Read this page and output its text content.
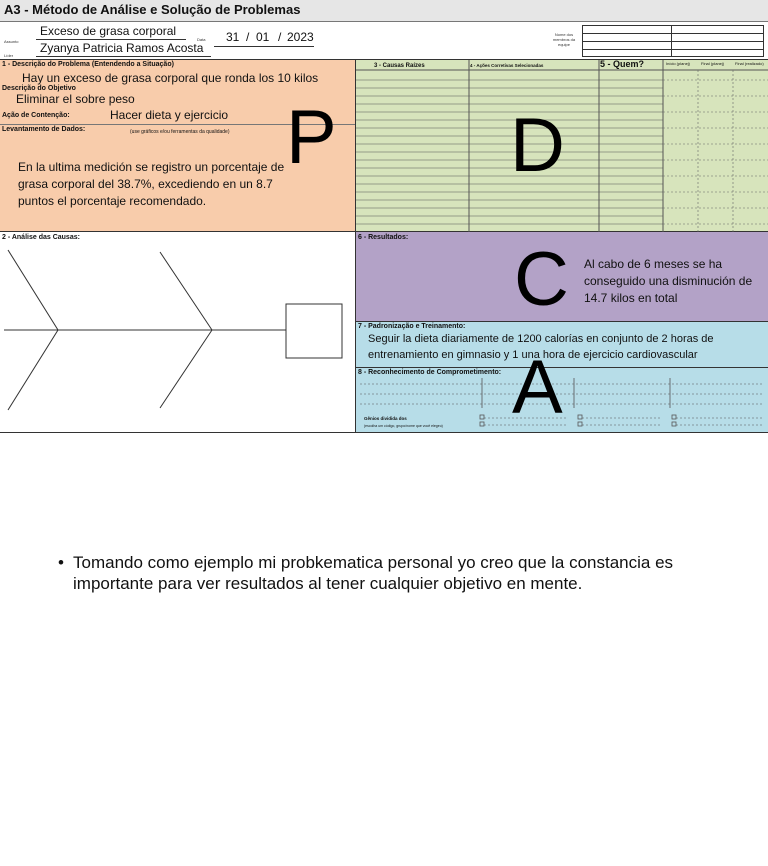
A3 - Método de Análise e Solução de Problemas
Assunto
Exceso de grasa corporal
Líder
Zyanya Patricia Ramos Acosta
Data 31 / 01 / 2023	Nome dos membros da equipe
1 - Descrição do Problema (Entendendo a Situação)
Hay un exceso de grasa corporal que ronda los 10 kilos
Descrição do Objetivo
Eliminar el sobre peso
Ação de Contenção:	Hacer dieta y ejercicio
Levantamento de Dados:	(use gráficos e/ou ferramentas da qualidade)
En la ultima medición se registro un porcentaje de grasa corporal del 38.7%, excediendo en un 8.7 puntos el porcentaje recomendado.
P
3 - Causas Raízes	4 - Ações Corretivas Selecionadas	5 - Quem?	Início (planej)	Final (planej)	Final (realizado)
D
2 - Análise das Causas:	6 - Resultados:
Al cabo de 6 meses se ha conseguido una disminución de 14.7 kilos en total
C
7 - Padronização e Treinamento:
Seguir la dieta diariamente de 1200 calorías en conjunto de 2 horas de entrenamiento en gimnasio y 1 una hora de ejercicio cardiovascular
8 - Reconhecimento de Comprometimento:
Gênios dividida dos
(escolha um código, grupo/nome que você elegeu) A
• Tomando como ejemplo mi probkematica personal yo creo que la constancia es importante para ver resultados al tener cualquier objetivo en mente.
